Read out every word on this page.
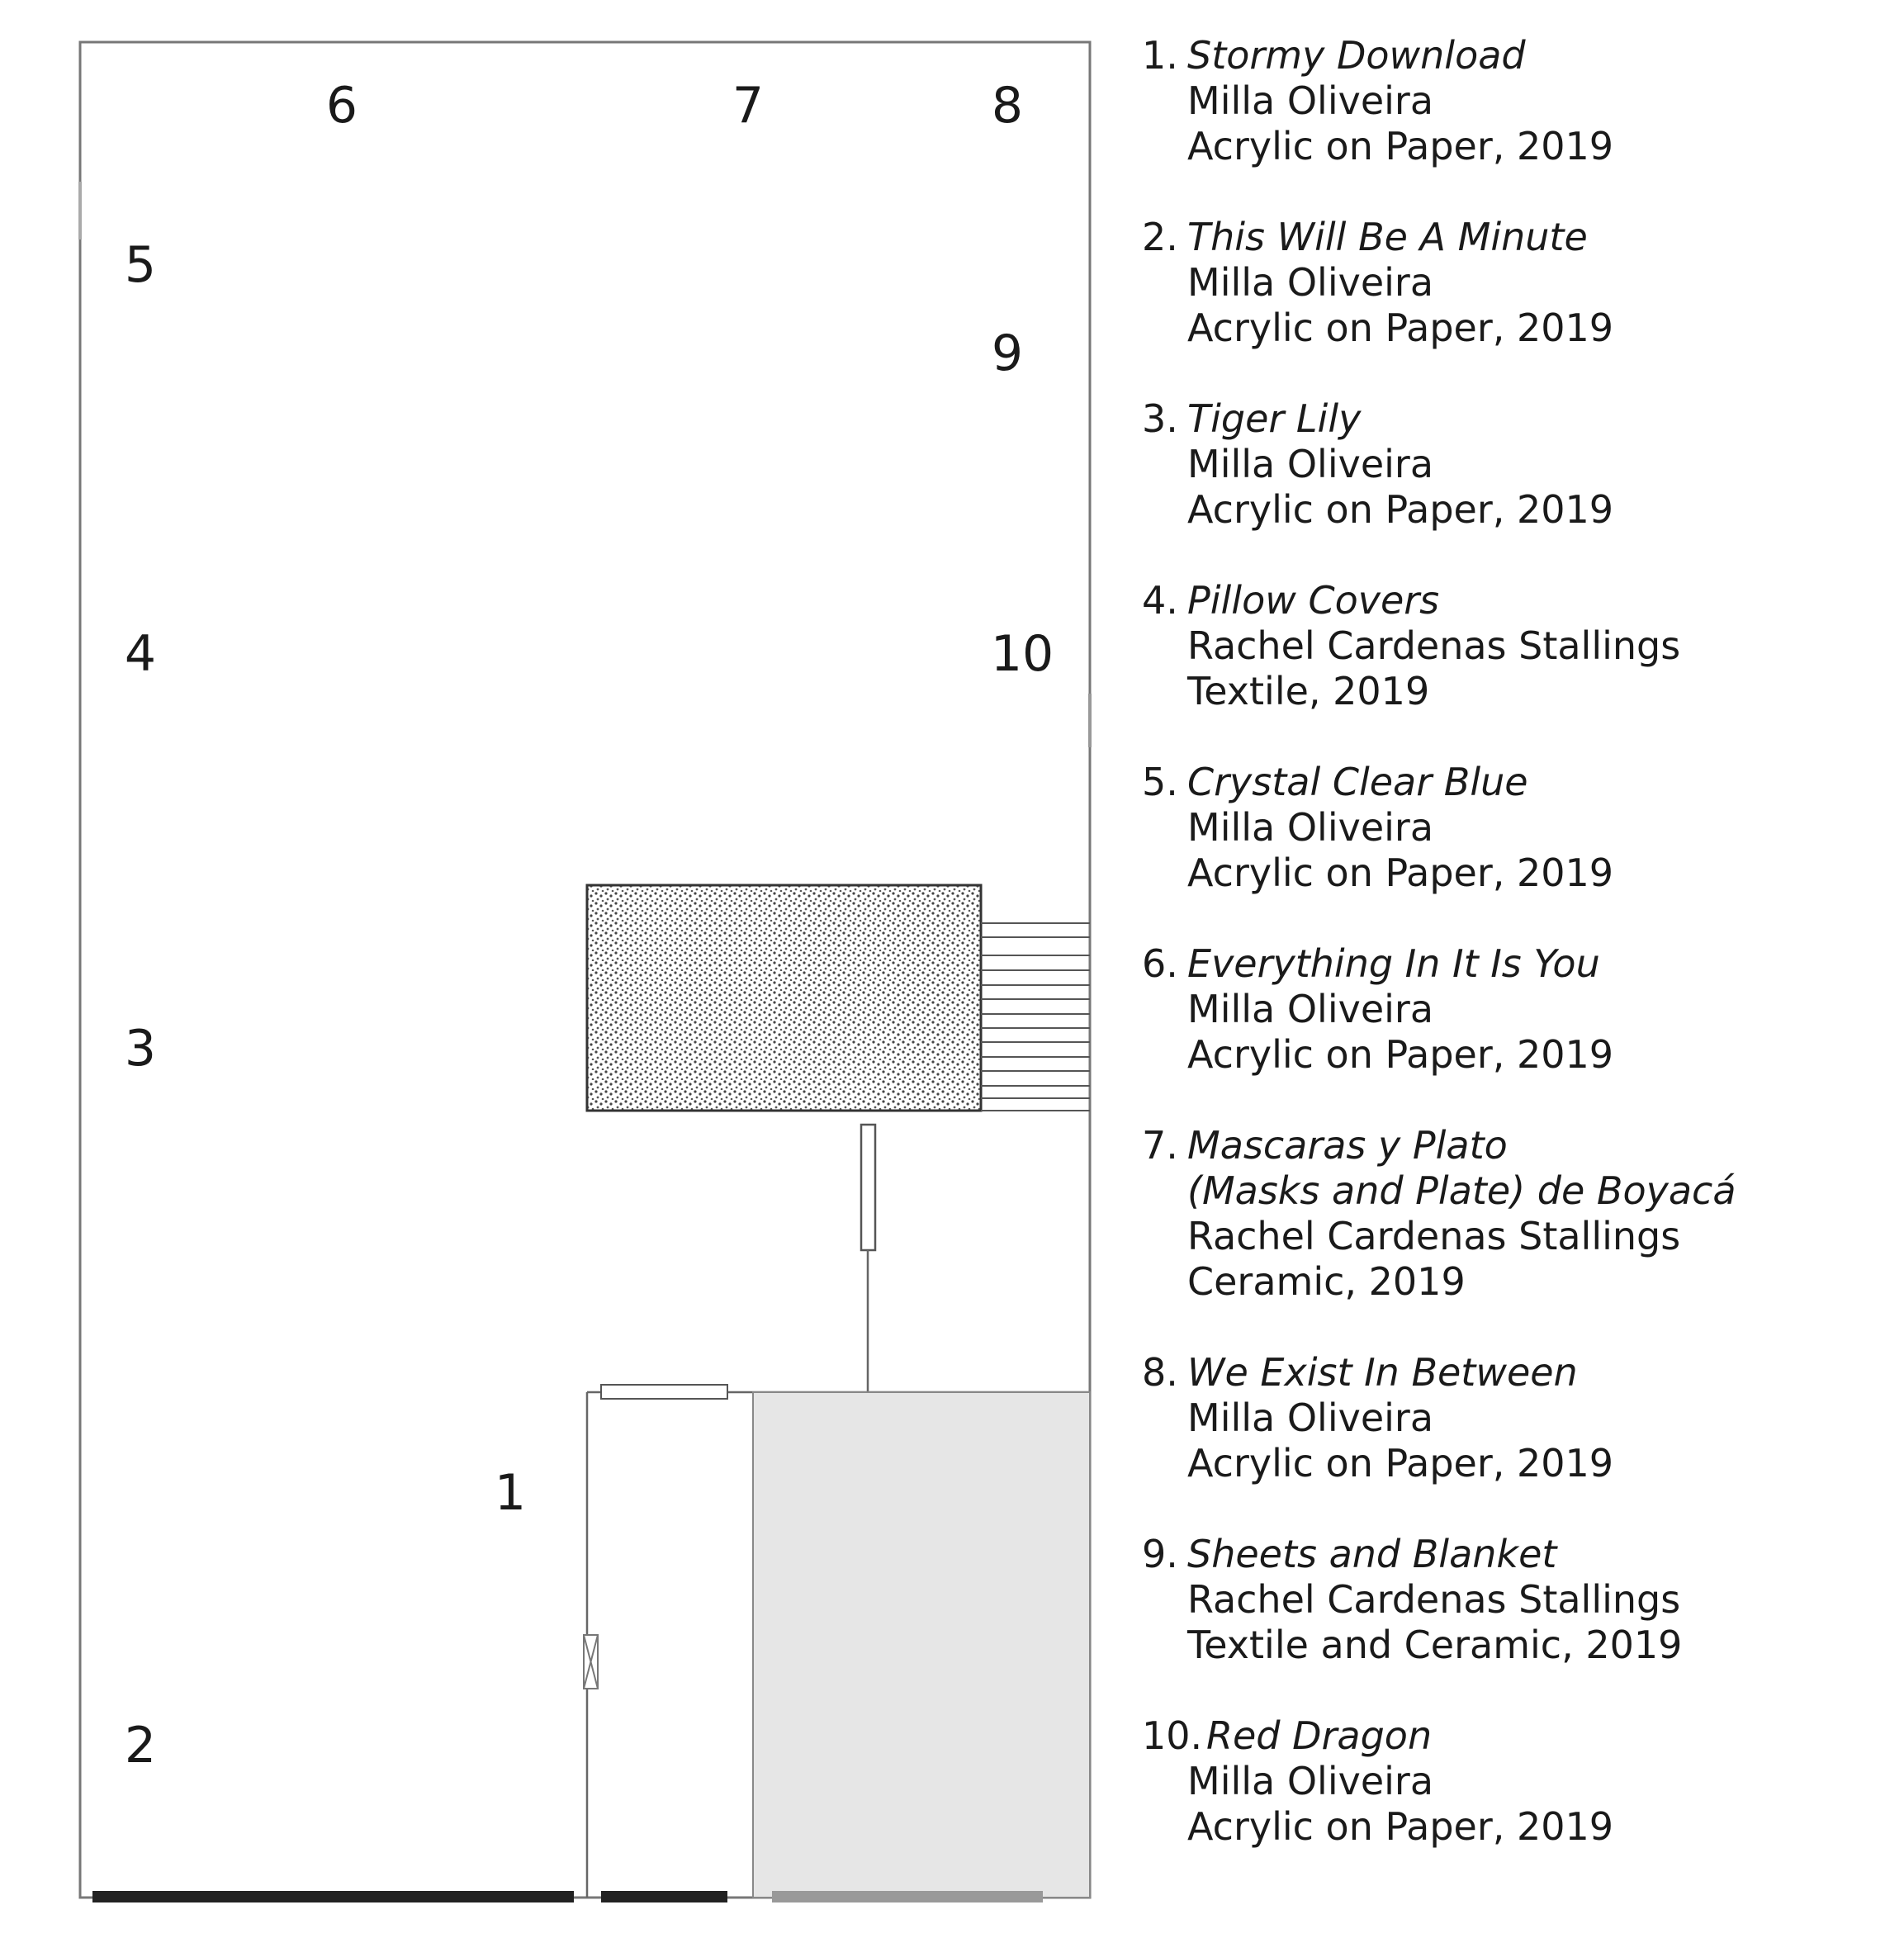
6	7	8
5
9
4	10
3
1
2
1. Stormy Download
Milla Oliveira
Acrylic on Paper, 2019
2. This Will Be A Minute
Milla Oliveira
Acrylic on Paper, 2019
3. Tiger Lily
Milla Oliveira
Acrylic on Paper, 2019
4. Pillow Covers
Rachel Cardenas Stallings
Textile, 2019
5. Crystal Clear Blue
Milla Oliveira
Acrylic on Paper, 2019
6. Everything In It Is You
Milla Oliveira
Acrylic on Paper, 2019
7. Mascaras y Plato
(Masks and Plate) de Boyacá
Rachel Cardenas Stallings
Ceramic, 2019
8. We Exist In Between
Milla Oliveira
Acrylic on Paper, 2019
9. Sheets and Blanket
Rachel Cardenas Stallings
Textile and Ceramic, 2019
10. Red Dragon
Milla Oliveira
Acrylic on Paper, 2019
